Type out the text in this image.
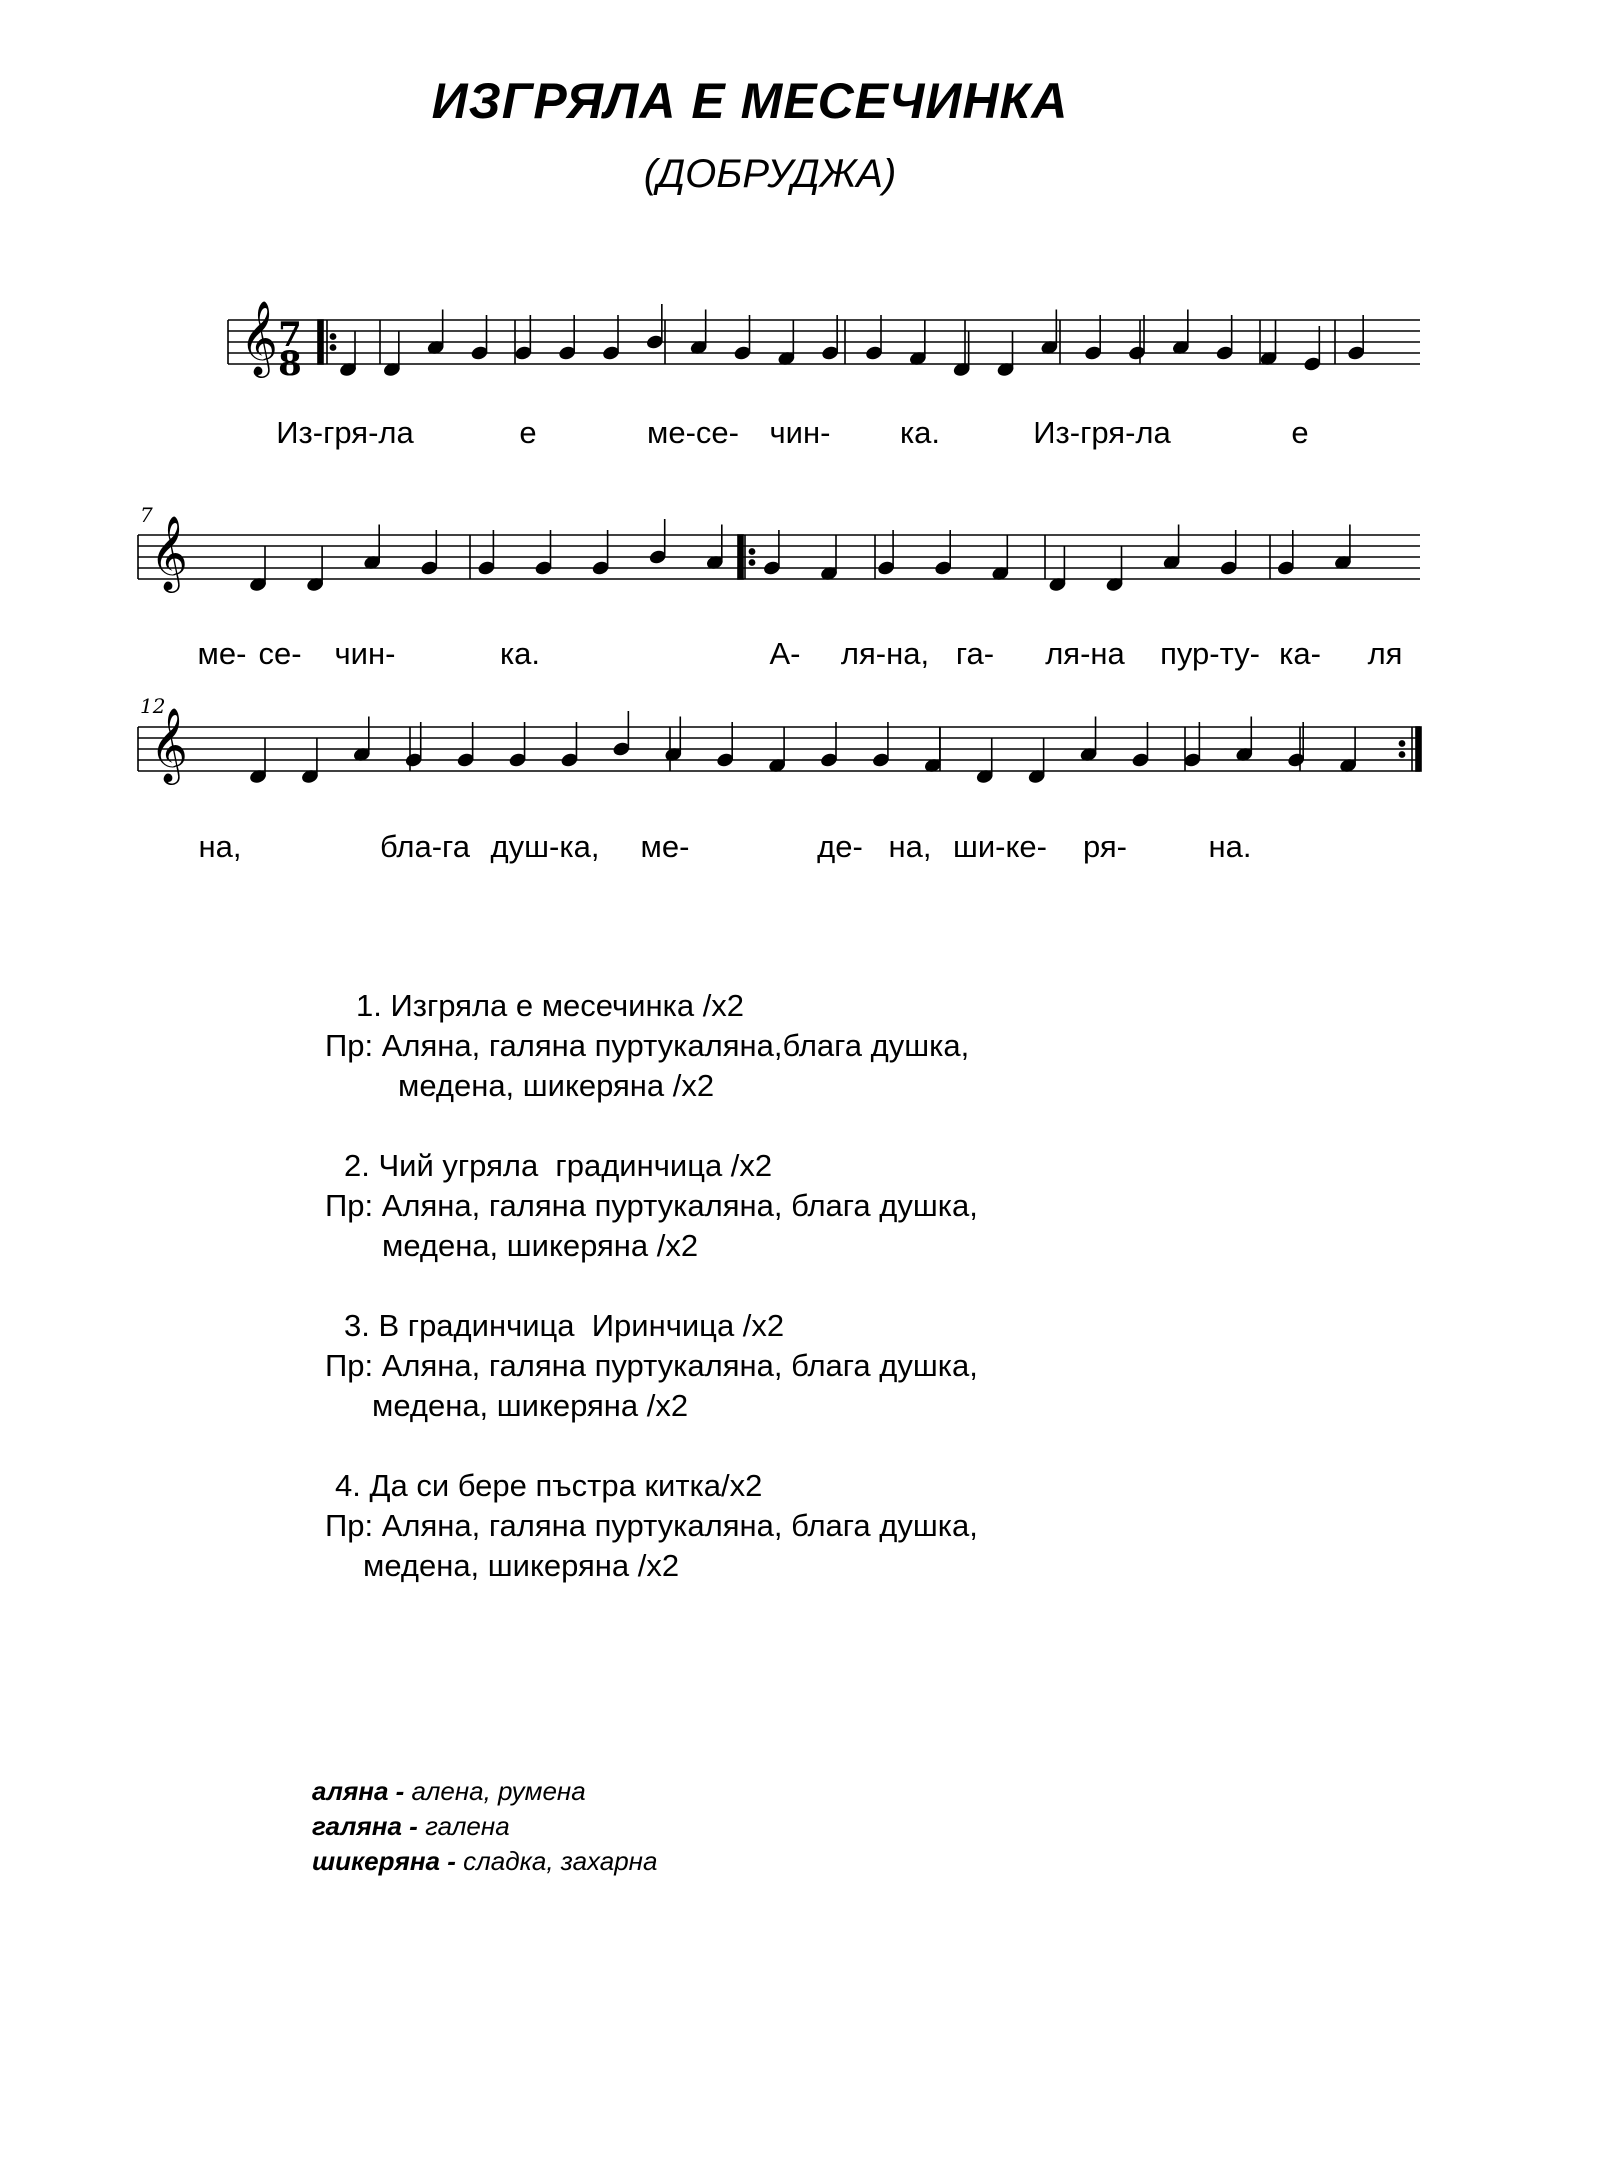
ИЗГРЯЛА Е МЕСЕЧИНКА
(ДОБРУДЖА)
𝄞
𝄞
𝄞
Из-гря-ла	е	ме-се- чин- ка.	Из-гря-ла	е
ме- се- чин-	ка.	А- ля-на, га- ля-на пур-ту- ка- ля
на,	бла-га душ-ка, ме-	де- на, ши-ке- ря-	на.
7
8
7
12
1. Изгряла е месечинка /х2
Пр: Аляна, галяна пуртукаляна,блага душка,
медена, шикеряна /х2
2. Чий угряла  градинчица /х2
Пр: Аляна, галяна пуртукаляна, блага душка,
медена, шикеряна /х2
3. В градинчица  Иринчица /х2
Пр: Аляна, галяна пуртукаляна, блага душка,
медена, шикеряна /х2
4. Да си бере пъстра китка/х2
Пр: Аляна, галяна пуртукаляна, блага душка,
медена, шикеряна /х2
аляна - алена, румена
галяна - галена
шикеряна - сладка, захарна
